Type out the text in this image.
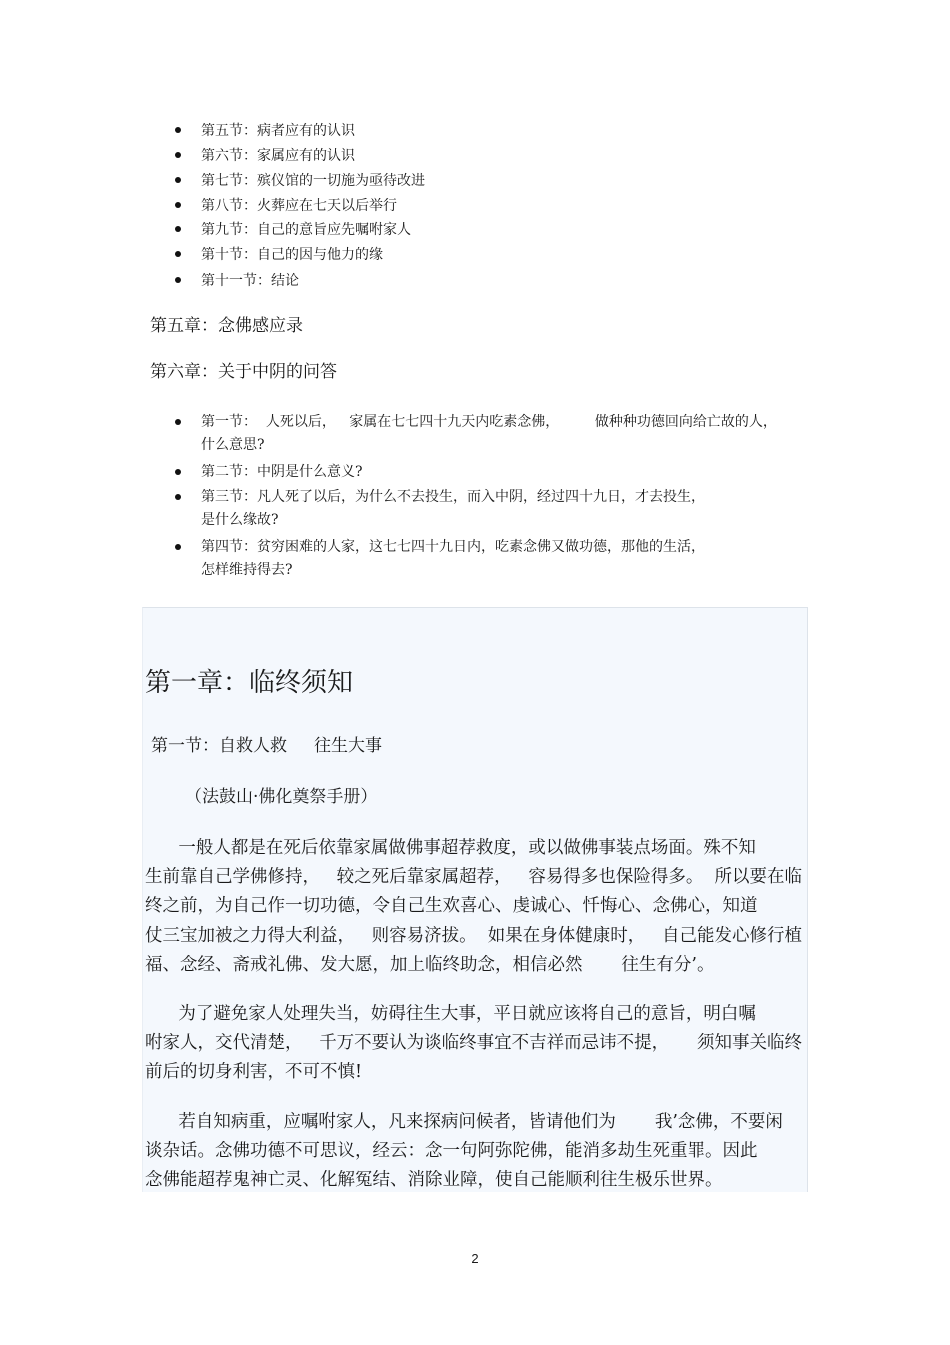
第五节：病者应有的认识
第六节：家属应有的认识
第七节：殡仪馆的一切施为亟待改进
第八节：火葬应在七天以后举行
第九节：自己的意旨应先嘱咐家人
第十节：自己的因与他力的缘
第十一节：结论
第五章：念佛感应录
第六章：关于中阴的问答
第一节：  人死以后，   家属在七七四十九天内吃素念佛，        做种种功德回向给亡故的人，
什么意思?
第二节：中阴是什么意义?
第三节：凡人死了以后，为什么不去投生，而入中阴，经过四十九日，才去投生，
是什么缘故?
第四节：贫穷困难的人家，这七七四十九日内，吃素念佛又做功德，那他的生活，
怎样维持得去?
第一章：临终须知
第一节：自救人救     往生大事
（法鼓山·佛化奠祭手册）
一般人都是在死后依靠家属做佛事超荐救度，或以做佛事装点场面。殊不知
生前靠自己学佛修持，   较之死后靠家属超荐，   容易得多也保险得多。  所以要在临
终之前，为自己作一切功德，令自己生欢喜心、虔诚心、忏悔心、念佛心，知道
仗三宝加被之力得大利益，   则容易济拔。  如果在身体健康时，   自己能发心修行植
福、念经、斋戒礼佛、发大愿，加上临终助念，相信必然       往生有分’。
为了避免家人处理失当，妨碍往生大事，平日就应该将自己的意旨，明白嘱
咐家人，交代清楚，   千万不要认为谈临终事宜不吉祥而忌讳不提，     须知事关临终
前后的切身利害，不可不慎!
若自知病重，应嘱咐家人，凡来探病问候者，皆请他们为       我’念佛，不要闲
谈杂话。念佛功德不可思议，经云：念一句阿弥陀佛，能消多劫生死重罪。因此
念佛能超荐鬼神亡灵、化解冤结、消除业障，使自己能顺利往生极乐世界。
2
